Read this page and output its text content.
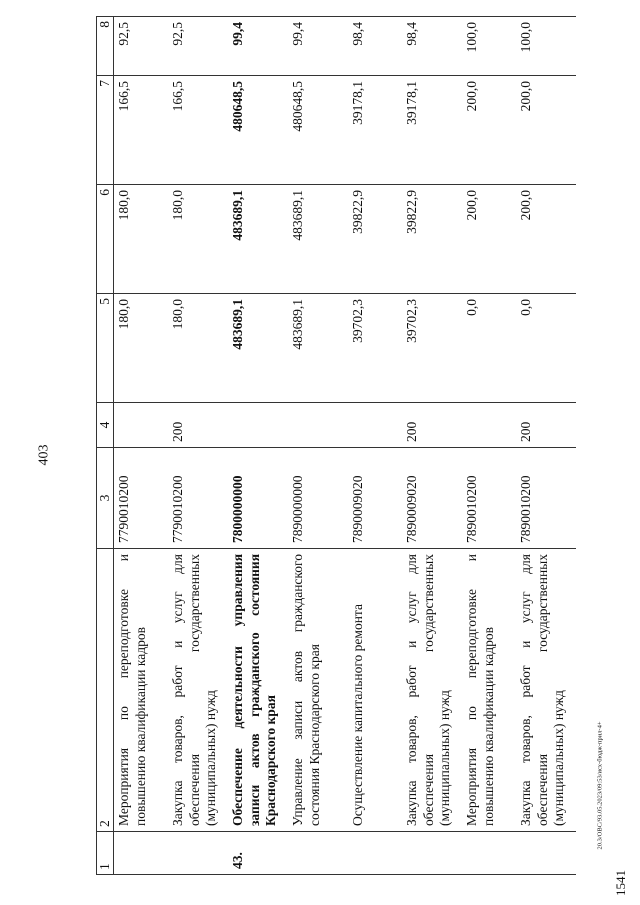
403
1	2	3	4	5	6	7	8
	Мероприятия по переподготовке и повышению квалификации кадров	7790010200		180,0	180,0	166,5	92,5
	Закупка товаров, работ и услуг для обеспечения государственных (муниципальных) нужд	7790010200	200	180,0	180,0	166,5	92,5
43.	Обеспечение деятельности управления записи актов гражданского состояния Краснодарского края	7800000000		483689,1	483689,1	480648,5	99,4
	Управление записи актов гражданского состояния Краснодарского края	7890000000		483689,1	483689,1	480648,5	99,4
	Осуществление капитального ремонта	7890009020		39702,3	39822,9	39178,1	98,4
	Закупка товаров, работ и услуг для обеспечения государственных (муниципальных) нужд	7890009020	200	39702,3	39822,9	39178,1	98,4
	Мероприятия по переподготовке и повышению квалификации кадров	7890010200		0,0	200,0	200,0	100,0
	Закупка товаров, работ и услуг для обеспечения государственных (муниципальных) нужд	7890010200	200	0,0	200,0	200,0	100,0
20.3/ОВС/93.05.2023/09:53/исх-бюдж-прил-4+
1541
